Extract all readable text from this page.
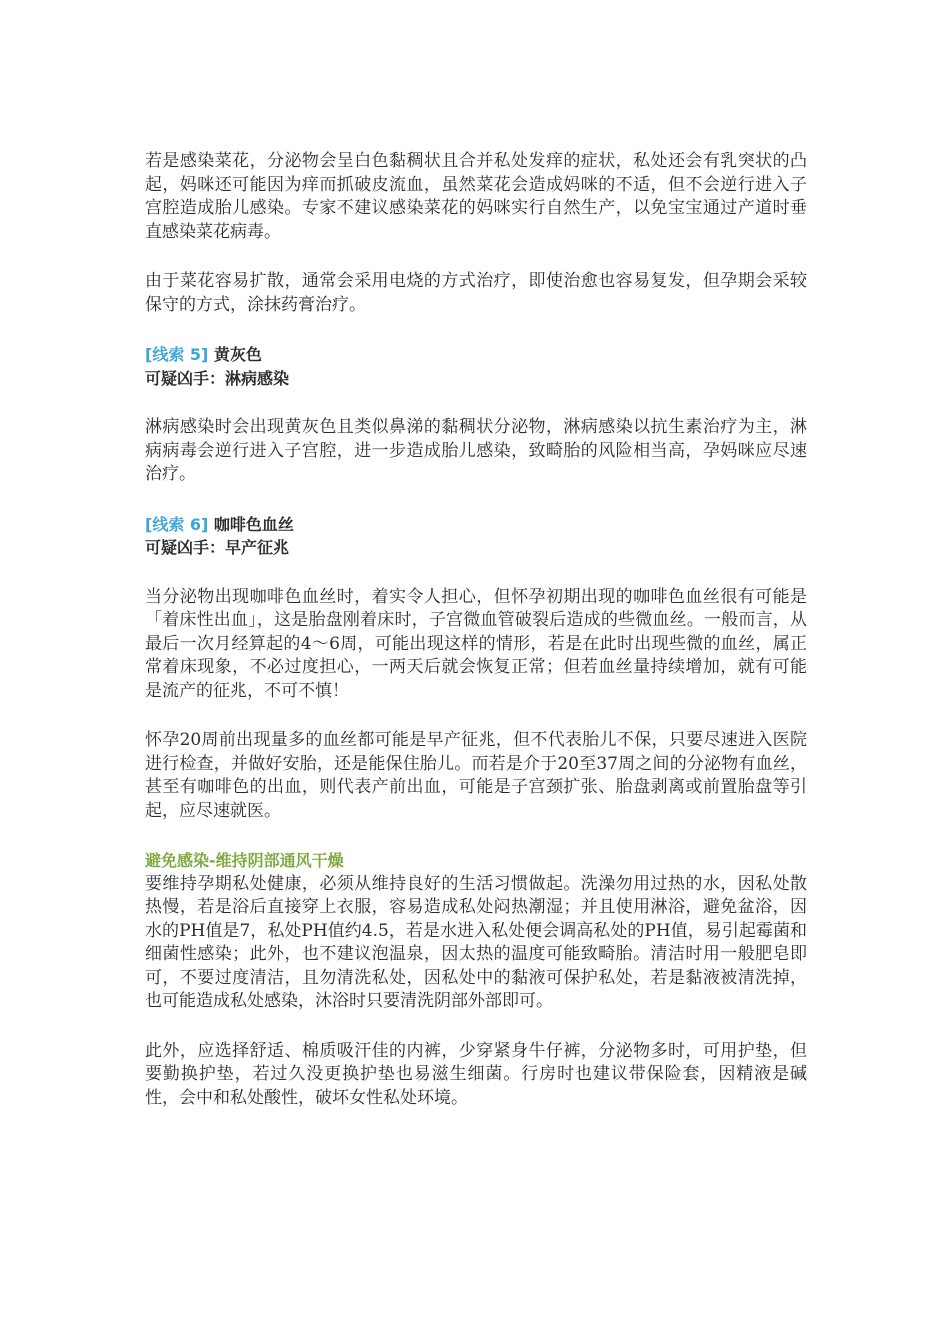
若是感染菜花，分泌物会呈白色黏稠状且合并私处发痒的症状，私处还会有乳突状的凸起，妈咪还可能因为痒而抓破皮流血，虽然菜花会造成妈咪的不适，但不会逆行进入子宫腔造成胎儿感染。专家不建议感染菜花的妈咪实行自然生产，以免宝宝通过产道时垂直感染菜花病毒。

由于菜花容易扩散，通常会采用电烧的方式治疗，即使治愈也容易复发，但孕期会采较保守的方式，涂抹药膏治疗。

[线索 5] 黄灰色

可疑凶手：淋病感染

淋病感染时会出现黄灰色且类似鼻涕的黏稠状分泌物，淋病感染以抗生素治疗为主，淋病病毒会逆行进入子宫腔，进一步造成胎儿感染，致畸胎的风险相当高，孕妈咪应尽速治疗。

[线索 6] 咖啡色血丝

可疑凶手：早产征兆

当分泌物出现咖啡色血丝时，着实令人担心，但怀孕初期出现的咖啡色血丝很有可能是「着床性出血」，这是胎盘刚着床时，子宫微血管破裂后造成的些微血丝。一般而言，从最后一次月经算起的4～6周，可能出现这样的情形，若是在此时出现些微的血丝，属正常着床现象，不必过度担心，一两天后就会恢复正常；但若血丝量持续增加，就有可能是流产的征兆，不可不慎！

怀孕20周前出现量多的血丝都可能是早产征兆，但不代表胎儿不保，只要尽速进入医院进行检查，并做好安胎，还是能保住胎儿。而若是介于20至37周之间的分泌物有血丝，甚至有咖啡色的出血，则代表产前出血，可能是子宫颈扩张、胎盘剥离或前置胎盘等引起，应尽速就医。

避免感染-维持阴部通风干燥

要维持孕期私处健康，必须从维持良好的生活习惯做起。洗澡勿用过热的水，因私处散热慢，若是浴后直接穿上衣服，容易造成私处闷热潮湿；并且使用淋浴，避免盆浴，因水的PH值是7，私处PH值约4.5，若是水进入私处便会调高私处的PH值，易引起霉菌和细菌性感染；此外，也不建议泡温泉，因太热的温度可能致畸胎。清洁时用一般肥皂即可，不要过度清洁，且勿清洗私处，因私处中的黏液可保护私处，若是黏液被清洗掉，也可能造成私处感染，沐浴时只要清洗阴部外部即可。

此外，应选择舒适、棉质吸汗佳的内裤，少穿紧身牛仔裤，分泌物多时，可用护垫，但要勤换护垫，若过久没更换护垫也易滋生细菌。行房时也建议带保险套，因精液是碱性，会中和私处酸性，破坏女性私处环境。
